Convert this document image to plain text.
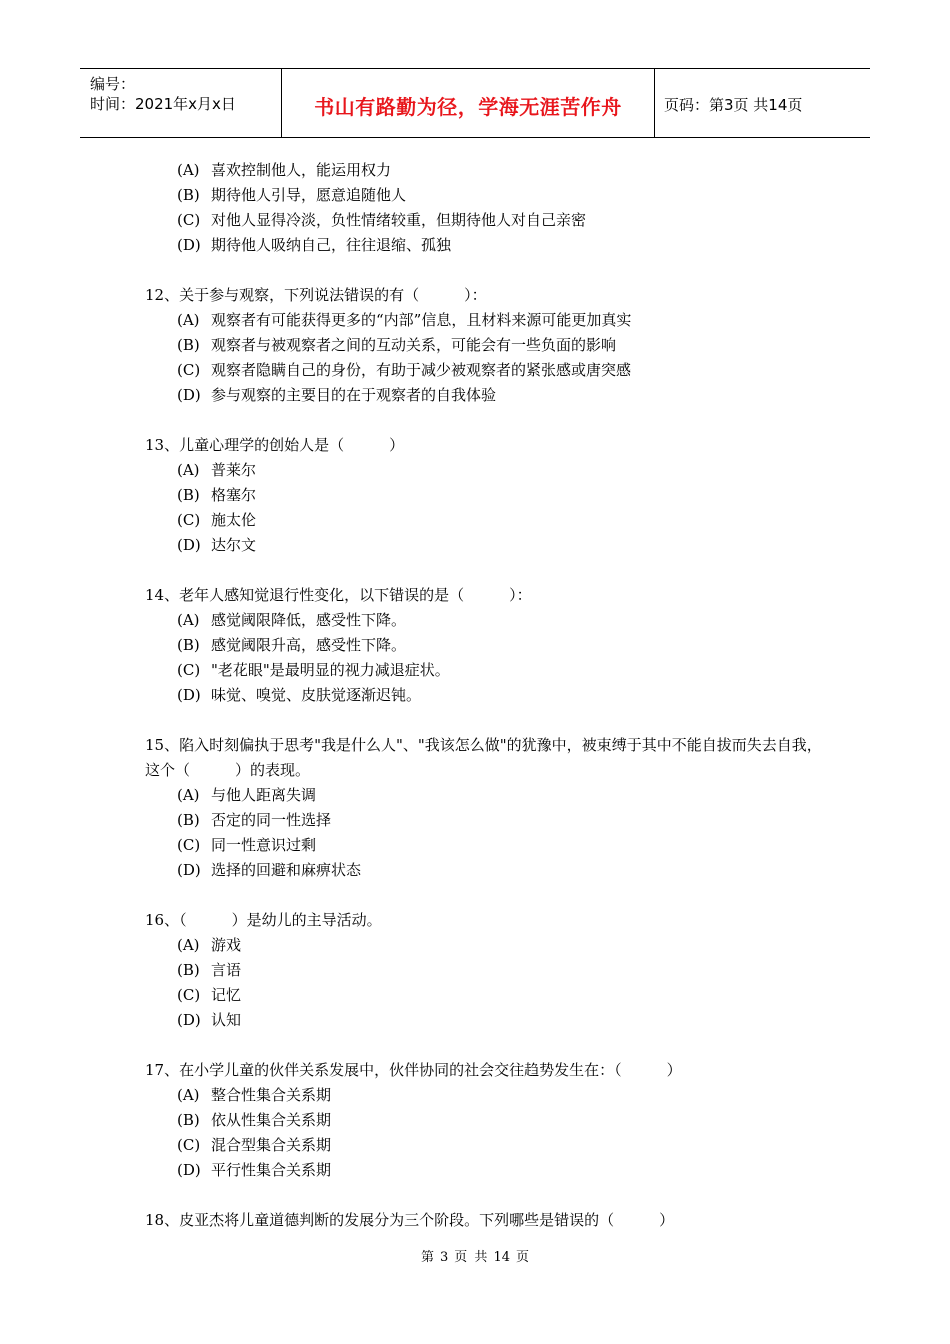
编号：
时间：2021年x月x日	书山有路勤为径，学海无涯苦作舟	页码：第3页 共14页
(A) 喜欢控制他人，能运用权力
(B) 期待他人引导，愿意追随他人
(C) 对他人显得冷淡，负性情绪较重，但期待他人对自己亲密
(D) 期待他人吸纳自己，往往退缩、孤独
12、关于参与观察，下列说法错误的有（　　　）：
(A) 观察者有可能获得更多的“内部”信息，且材料来源可能更加真实
(B) 观察者与被观察者之间的互动关系，可能会有一些负面的影响
(C) 观察者隐瞒自己的身份，有助于减少被观察者的紧张感或唐突感
(D) 参与观察的主要目的在于观察者的自我体验
13、儿童心理学的创始人是（　　　）
(A) 普莱尔
(B) 格塞尔
(C) 施太伦
(D) 达尔文
14、老年人感知觉退行性变化，以下错误的是（　　　）：
(A) 感觉阈限降低，感受性下降。
(B) 感觉阈限升高，感受性下降。
(C) "老花眼"是最明显的视力减退症状。
(D) 味觉、嗅觉、皮肤觉逐渐迟钝。
15、陷入时刻偏执于思考"我是什么人"、"我该怎么做"的犹豫中，被束缚于其中不能自拔而失去自我，这个（　　　）的表现。
(A) 与他人距离失调
(B) 否定的同一性选择
(C) 同一性意识过剩
(D) 选择的回避和麻痹状态
16、（　　　）是幼儿的主导活动。
(A) 游戏
(B) 言语
(C) 记忆
(D) 认知
17、在小学儿童的伙伴关系发展中，伙伴协同的社会交往趋势发生在：（　　　）
(A) 整合性集合关系期
(B) 依从性集合关系期
(C) 混合型集合关系期
(D) 平行性集合关系期
18、皮亚杰将儿童道德判断的发展分为三个阶段。下列哪些是错误的（　　　）
第 3 页 共 14 页
